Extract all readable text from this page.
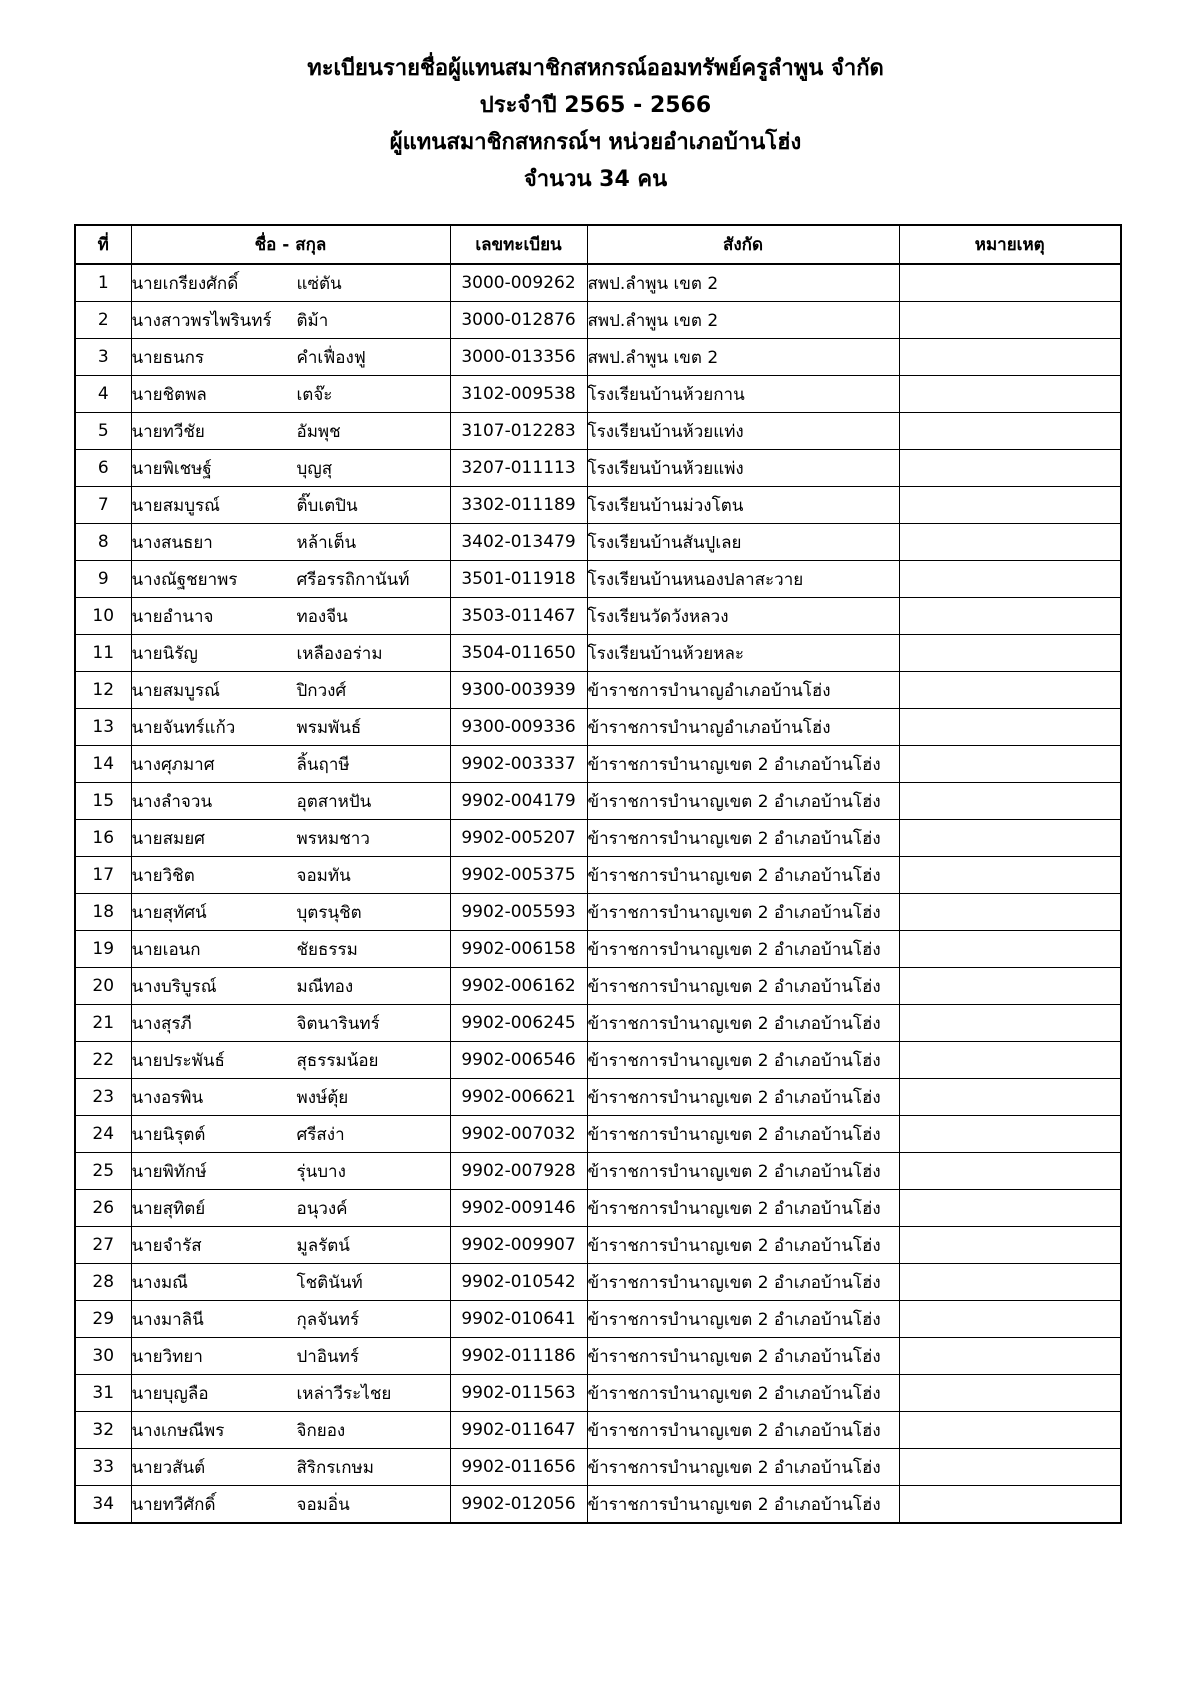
ทะเบียนรายชื่อผู้แทนสมาชิกสหกรณ์ออมทรัพย์ครูลำพูน จำกัด
ประจำปี 2565 - 2566
ผู้แทนสมาชิกสหกรณ์ฯ หน่วยอำเภอบ้านโฮ่ง
จำนวน 34 คน
ที่	ชื่อ - สกุล	เลขทะเบียน	สังกัด	หมายเหตุ
1	นายเกรียงศักดิ์ แซ่ตัน	3000-009262	สพป.ลำพูน เขต 2	
2	นางสาวพรไพรินทร์ ติม้า	3000-012876	สพป.ลำพูน เขต 2	
3	นายธนกร คำเฟื่องฟู	3000-013356	สพป.ลำพูน เขต 2	
4	นายชิตพล เตจ๊ะ	3102-009538	โรงเรียนบ้านห้วยกาน	
5	นายทวีชัย อัมพุช	3107-012283	โรงเรียนบ้านห้วยแท่ง	
6	นายพิเชษฐ์ บุญสุ	3207-011113	โรงเรียนบ้านห้วยแพ่ง	
7	นายสมบูรณ์ ติ๊บเตปิน	3302-011189	โรงเรียนบ้านม่วงโตน	
8	นางสนธยา หล้าเต็น	3402-013479	โรงเรียนบ้านสันปูเลย	
9	นางณัฐชยาพร ศรีอรรถิกานันท์	3501-011918	โรงเรียนบ้านหนองปลาสะวาย	
10	นายอำนาจ ทองจีน	3503-011467	โรงเรียนวัดวังหลวง	
11	นายนิรัญ เหลืองอร่าม	3504-011650	โรงเรียนบ้านห้วยหละ	
12	นายสมบูรณ์ ปิกวงศ์	9300-003939	ข้าราชการบำนาญอำเภอบ้านโฮ่ง	
13	นายจันทร์แก้ว พรมพันธ์	9300-009336	ข้าราชการบำนาญอำเภอบ้านโฮ่ง	
14	นางศุภมาศ ลิ้นฤาษี	9902-003337	ข้าราชการบำนาญเขต 2 อำเภอบ้านโฮ่ง	
15	นางลำจวน อุตสาหปัน	9902-004179	ข้าราชการบำนาญเขต 2 อำเภอบ้านโฮ่ง	
16	นายสมยศ พรหมชาว	9902-005207	ข้าราชการบำนาญเขต 2 อำเภอบ้านโฮ่ง	
17	นายวิชิต จอมทัน	9902-005375	ข้าราชการบำนาญเขต 2 อำเภอบ้านโฮ่ง	
18	นายสุทัศน์ บุตรนุชิต	9902-005593	ข้าราชการบำนาญเขต 2 อำเภอบ้านโฮ่ง	
19	นายเอนก ชัยธรรม	9902-006158	ข้าราชการบำนาญเขต 2 อำเภอบ้านโฮ่ง	
20	นางบริบูรณ์ มณีทอง	9902-006162	ข้าราชการบำนาญเขต 2 อำเภอบ้านโฮ่ง	
21	นางสุรภี จิตนารินทร์	9902-006245	ข้าราชการบำนาญเขต 2 อำเภอบ้านโฮ่ง	
22	นายประพันธ์ สุธรรมน้อย	9902-006546	ข้าราชการบำนาญเขต 2 อำเภอบ้านโฮ่ง	
23	นางอรพิน พงษ์ตุ้ย	9902-006621	ข้าราชการบำนาญเขต 2 อำเภอบ้านโฮ่ง	
24	นายนิรุตต์ ศรีสง่า	9902-007032	ข้าราชการบำนาญเขต 2 อำเภอบ้านโฮ่ง	
25	นายพิทักษ์ รุ่นบาง	9902-007928	ข้าราชการบำนาญเขต 2 อำเภอบ้านโฮ่ง	
26	นายสุทิตย์ อนุวงค์	9902-009146	ข้าราชการบำนาญเขต 2 อำเภอบ้านโฮ่ง	
27	นายจำรัส มูลรัตน์	9902-009907	ข้าราชการบำนาญเขต 2 อำเภอบ้านโฮ่ง	
28	นางมณี โชตินันท์	9902-010542	ข้าราชการบำนาญเขต 2 อำเภอบ้านโฮ่ง	
29	นางมาลินี กุลจันทร์	9902-010641	ข้าราชการบำนาญเขต 2 อำเภอบ้านโฮ่ง	
30	นายวิทยา ปาอินทร์	9902-011186	ข้าราชการบำนาญเขต 2 อำเภอบ้านโฮ่ง	
31	นายบุญลือ เหล่าวีระไชย	9902-011563	ข้าราชการบำนาญเขต 2 อำเภอบ้านโฮ่ง	
32	นางเกษณีพร จิกยอง	9902-011647	ข้าราชการบำนาญเขต 2 อำเภอบ้านโฮ่ง	
33	นายวสันต์ สิริกรเกษม	9902-011656	ข้าราชการบำนาญเขต 2 อำเภอบ้านโฮ่ง	
34	นายทวีศักดิ์ จอมอิ่น	9902-012056	ข้าราชการบำนาญเขต 2 อำเภอบ้านโฮ่ง	
